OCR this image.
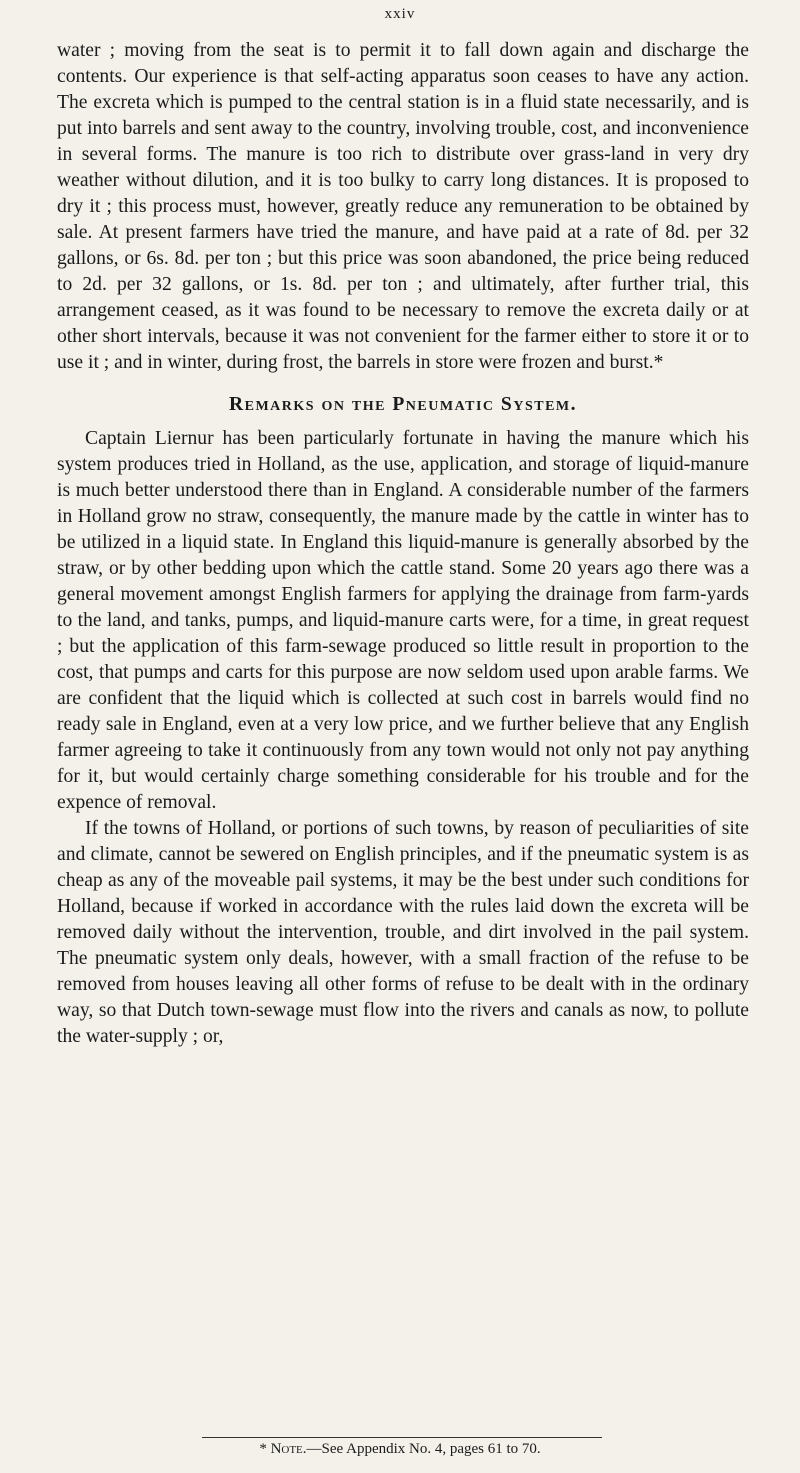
xxiv

water ; moving from the seat is to permit it to fall down again and discharge the contents. Our experience is that self-acting apparatus soon ceases to have any action. The excreta which is pumped to the central station is in a fluid state necessarily, and is put into barrels and sent away to the country, involving trouble, cost, and inconvenience in several forms. The manure is too rich to distribute over grass-land in very dry weather without dilution, and it is too bulky to carry long distances. It is proposed to dry it ; this process must, however, greatly reduce any remuneration to be obtained by sale. At present farmers have tried the manure, and have paid at a rate of 8d. per 32 gallons, or 6s. 8d. per ton ; but this price was soon abandoned, the price being reduced to 2d. per 32 gallons, or 1s. 8d. per ton ; and ultimately, after further trial, this arrangement ceased, as it was found to be necessary to remove the excreta daily or at other short intervals, because it was not convenient for the farmer either to store it or to use it ; and in winter, during frost, the barrels in store were frozen and burst.*

Remarks on the Pneumatic System.

Captain Liernur has been particularly fortunate in having the manure which his system produces tried in Holland, as the use, application, and storage of liquid-manure is much better understood there than in England. A considerable number of the farmers in Holland grow no straw, consequently, the manure made by the cattle in winter has to be utilized in a liquid state. In England this liquid-manure is generally absorbed by the straw, or by other bedding upon which the cattle stand. Some 20 years ago there was a general movement amongst English farmers for applying the drainage from farm-yards to the land, and tanks, pumps, and liquid-manure carts were, for a time, in great request ; but the application of this farm-sewage produced so little result in proportion to the cost, that pumps and carts for this purpose are now seldom used upon arable farms. We are confident that the liquid which is collected at such cost in barrels would find no ready sale in England, even at a very low price, and we further believe that any English farmer agreeing to take it continuously from any town would not only not pay anything for it, but would certainly charge something considerable for his trouble and for the expence of removal.

If the towns of Holland, or portions of such towns, by reason of peculiarities of site and climate, cannot be sewered on English principles, and if the pneumatic system is as cheap as any of the moveable pail systems, it may be the best under such conditions for Holland, because if worked in accordance with the rules laid down the excreta will be removed daily without the intervention, trouble, and dirt involved in the pail system. The pneumatic system only deals, however, with a small fraction of the refuse to be removed from houses leaving all other forms of refuse to be dealt with in the ordinary way, so that Dutch town-sewage must flow into the rivers and canals as now, to pollute the water-supply ; or,

* Note.—See Appendix No. 4, pages 61 to 70.
